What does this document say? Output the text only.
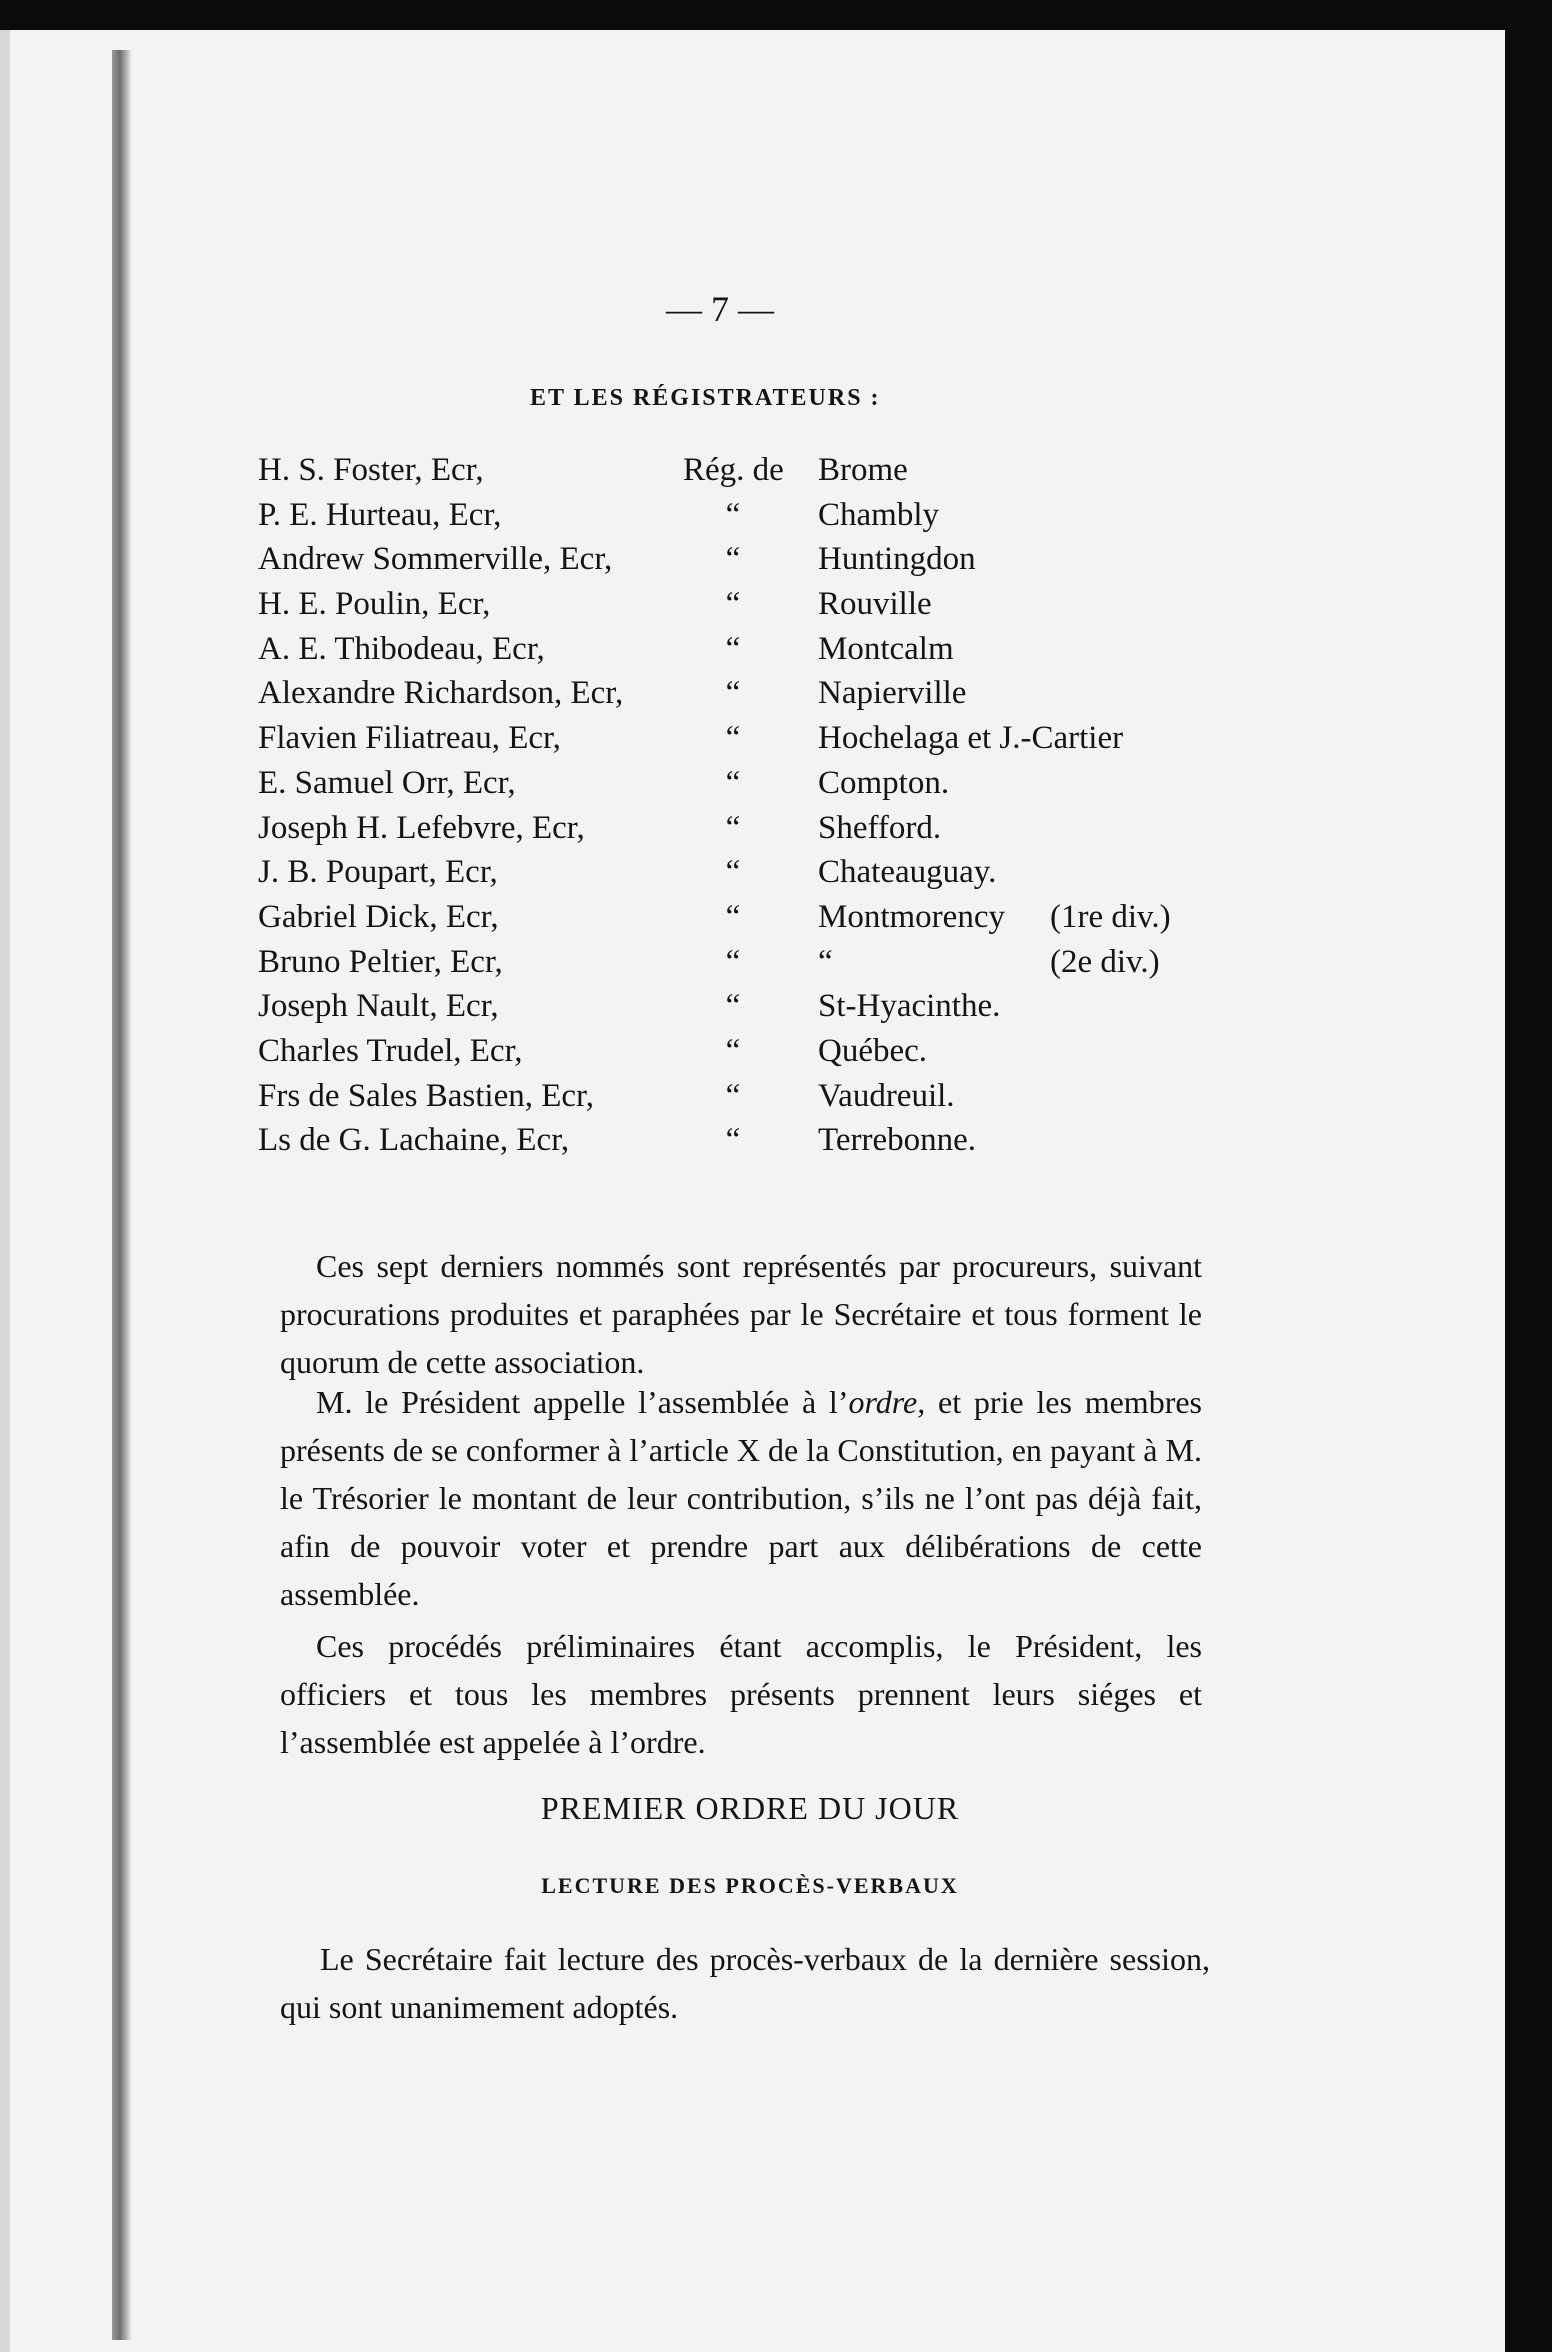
— 7 —
ET LES RÉGISTRATEURS :
H. S. Foster, Ecr,	Rég. de Brome
P. E. Hurteau, Ecr,	“ Chambly
Andrew Sommerville, Ecr,	“ Huntingdon
H. E. Poulin, Ecr,	“ Rouville
A. E. Thibodeau, Ecr,	“ Montcalm
Alexandre Richardson, Ecr,	“ Napierville
Flavien Filiatreau, Ecr,	“ Hochelaga et J.-Cartier
E. Samuel Orr, Ecr,	“ Compton.
Joseph H. Lefebvre, Ecr,	“ Shefford.
J. B. Poupart, Ecr,	“ Chateauguay.
Gabriel Dick, Ecr,	“ Montmorency (1re div.)
Bruno Peltier, Ecr,	“ “	(2e div.)
Joseph Nault, Ecr,	“ St-Hyacinthe.
Charles Trudel, Ecr,	“ Québec.
Frs de Sales Bastien, Ecr,	“ Vaudreuil.
Ls de G. Lachaine, Ecr,	“ Terrebonne.
Ces sept derniers nommés sont représentés par procureurs, suivant procurations produites et paraphées par le Secrétaire et tous forment le quorum de cette association.
M. le Président appelle l’assemblée à l’ordre, et prie les membres présents de se conformer à l’article X de la Constitution, en payant à M. le Trésorier le montant de leur contribution, s’ils ne l’ont pas déjà fait, afin de pouvoir voter et prendre part aux délibérations de cette assemblée.
Ces procédés préliminaires étant accomplis, le Président, les officiers et tous les membres présents prennent leurs siéges et l’assemblée est appelée à l’ordre.
PREMIER ORDRE DU JOUR
LECTURE DES PROCÈS-VERBAUX
Le Secrétaire fait lecture des procès-verbaux de la dernière session, qui sont unanimement adoptés.
